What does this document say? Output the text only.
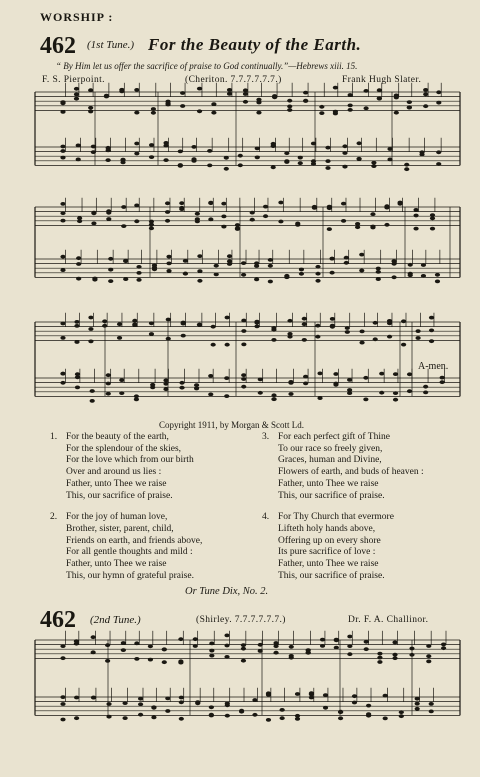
WORSHIP :
462 (1st Tune.) For the Beauty of the Earth.
“ By Him let us offer the sacrifice of praise to God continually.”—Hebrews xiii. 15.
F. S. Pierpoint.	(Cheriton. 7.7.7.7.7.7.)	Frank Hugh Slater.
A-men.
Copyright 1911, by Morgan & Scott Ld.
1. For the beauty of the earth,
For the splendour of the skies,
For the love which from our birth
Over and around us lies :
Father, unto Thee we raise
This, our sacrifice of praise.
2. For the joy of human love,
Brother, sister, parent, child,
Friends on earth, and friends above,
For all gentle thoughts and mild :
Father, unto Thee we raise
This, our hymn of grateful praise.
3. For each perfect gift of Thine
To our race so freely given,
Graces, human and Divine,
Flowers of earth, and buds of heaven :
Father, unto Thee we raise
This, our sacrifice of praise.
4. For Thy Church that evermore
Lifteth holy hands above,
Offering up on every shore
Its pure sacrifice of love :
Father, unto Thee we raise
This, our sacrifice of praise.
Or Tune Dix, No. 2.
462 (2nd Tune.)	(Shirley. 7.7.7.7.7.7.)	Dr. F. A. Challinor.
